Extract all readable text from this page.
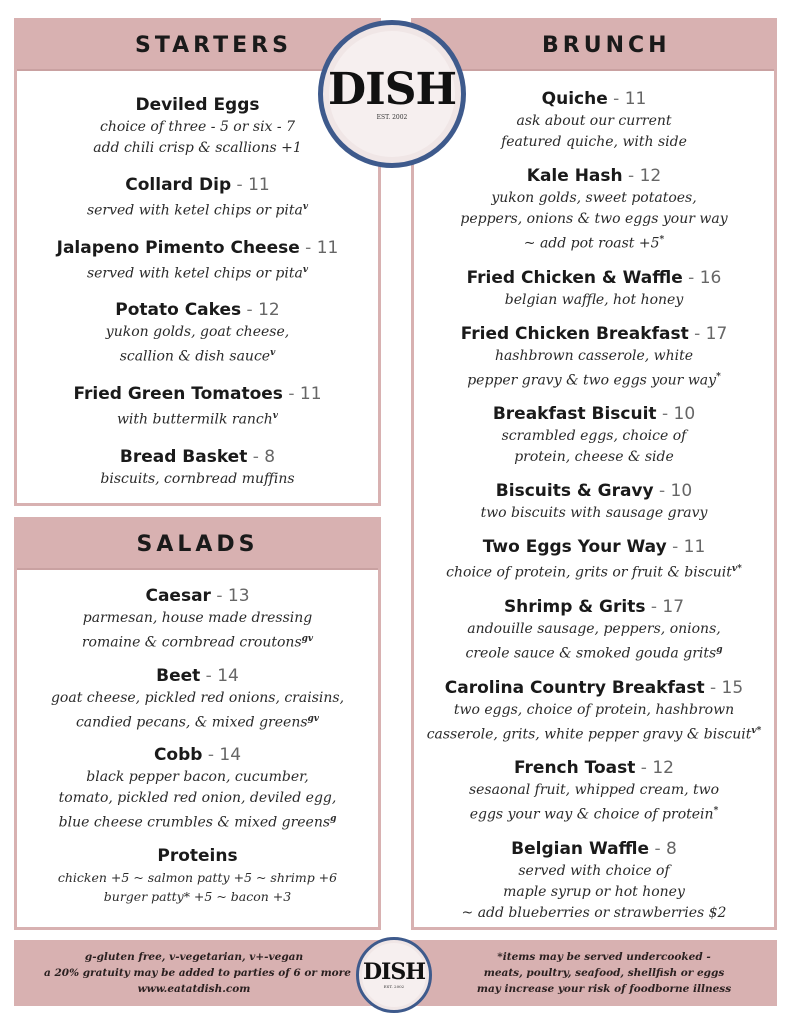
STARTERS
Deviled Eggs
choice of three - 5 or six - 7
add chili crisp & scallions +1
Collard Dip - 11
served with ketel chips or pita$^v$
Jalapeno Pimento Cheese - 11
served with ketel chips or pita$^v$
Potato Cakes - 12
yukon golds, goat cheese,
scallion & dish sauce$^v$
Fried Green Tomatoes - 11
with buttermilk ranch$^v$
Bread Basket - 8
biscuits, cornbread muffins
SALADS
Caesar - 13
parmesan, house made dressing
romaine & cornbread croutons$^{gv}$
Beet - 14
goat cheese, pickled red onions, craisins,
candied pecans, & mixed greens$^{gv}$
Cobb - 14
black pepper bacon, cucumber,
tomato, pickled red onion, deviled egg,
blue cheese crumbles & mixed greens$^g$
Proteins
chicken +5 ~ salmon patty +5 ~ shrimp +6
burger patty* +5 ~ bacon +3
BRUNCH
Quiche - 11
ask about our current
featured quiche, with side
Kale Hash - 12
yukon golds, sweet potatoes,
peppers, onions & two eggs your way
~ add pot roast +5*
Fried Chicken & Waffle - 16
belgian waffle, hot honey
Fried Chicken Breakfast - 17
hashbrown casserole, white
pepper gravy & two eggs your way*
Breakfast Biscuit - 10
scrambled eggs, choice of
protein, cheese & side
Biscuits & Gravy - 10
two biscuits with sausage gravy
Two Eggs Your Way - 11
choice of protein, grits or fruit & biscuit$^{v*}$
Shrimp & Grits - 17
andouille sausage, peppers, onions,
creole sauce & smoked gouda grits$^g$
Carolina Country Breakfast - 15
two eggs, choice of protein, hashbrown
casserole, grits, white pepper gravy & biscuit$^{v*}$
French Toast - 12
sesaonal fruit, whipped cream, two
eggs your way & choice of protein*
Belgian Waffle - 8
served with choice of
maple syrup or hot honey
~ add blueberries or strawberries $2
DISH
EST. 2002
g-gluten free, v-vegetarian, v+-vegan
a 20% gratuity may be added to parties of 6 or more
www.eatatdish.com
*items may be served undercooked -
meats, poultry, seafood, shellfish or eggs
may increase your risk of foodborne illness
DISH
EST. 2002
